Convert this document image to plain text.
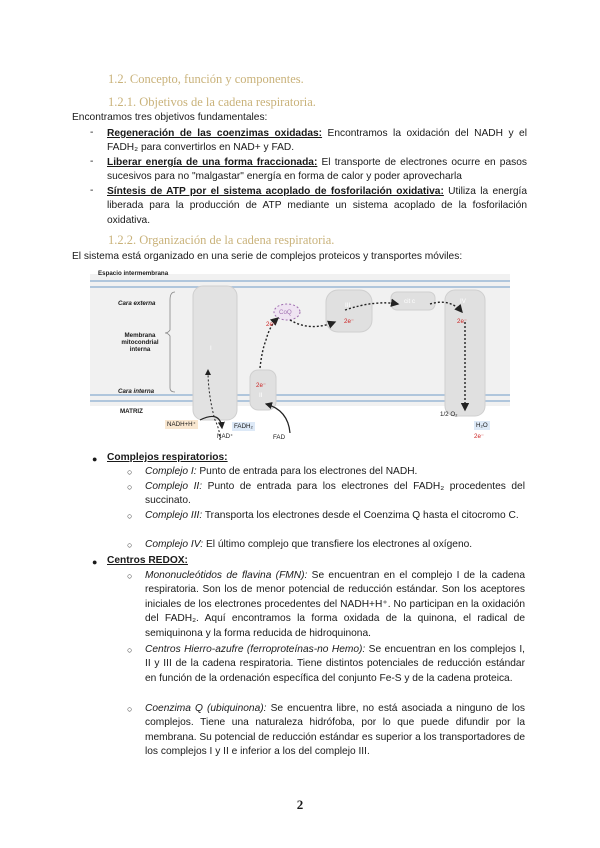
1.2. Concepto, función y componentes.
1.2.1. Objetivos de la cadena respiratoria.
Encontramos tres objetivos fundamentales:
- Regeneración de las coenzimas oxidadas: Encontramos la oxidación del NADH y el FADH₂ para convertirlos en NAD+ y FAD.
- Liberar energía de una forma fraccionada: El transporte de electrones ocurre en pasos sucesivos para no "malgastar" energía en forma de calor y poder aprovecharla
- Síntesis de ATP por el sistema acoplado de fosforilación oxidativa: Utiliza la energía liberada para la producción de ATP mediante un sistema acoplado de la fosforilación oxidativa.
1.2.2. Organización de la cadena respiratoria.
El sistema está organizado en una serie de complejos proteicos y transportes móviles:
Espacio intermembrana
Cara externa
Membrana mitocondrial interna
Cara interna
MATRIZ
I
II
III
IV
CoQ
cit c
2e⁻	2e⁻	2e⁻
2e⁻
NADH+H⁺
NAD⁺
FADH₂
FAD
1/2 O₂
H₂O
2e⁻
● Complejos respiratorios:
○ Complejo I: Punto de entrada para los electrones del NADH.
○ Complejo II: Punto de entrada para los electrones del FADH₂ procedentes del succinato.
○ Complejo III: Transporta los electrones desde el Coenzima Q hasta el citocromo C.
○ Complejo IV: El último complejo que transfiere los electrones al oxígeno.
● Centros REDOX:
○ Mononucleótidos de flavina (FMN): Se encuentran en el complejo I de la cadena respiratoria. Son los de menor potencial de reducción estándar. Son los aceptores iniciales de los electrones procedentes del NADH+H⁺. No participan en la oxidación del FADH₂. Aquí encontramos la forma oxidada de la quinona, el radical de semiquinona y la forma reducida de hidroquinona.
○ Centros Hierro-azufre (ferroproteínas-no Hemo): Se encuentran en los complejos I, II y III de la cadena respiratoria. Tiene distintos potenciales de reducción estándar en función de la ordenación específica del conjunto Fe-S y de la cadena proteica.
○ Coenzima Q (ubiquinona): Se encuentra libre, no está asociada a ninguno de los complejos. Tiene una naturaleza hidrófoba, por lo que puede difundir por la membrana. Su potencial de reducción estándar es superior a los transportadores de los complejos I y II e inferior a los del complejo III.
2
